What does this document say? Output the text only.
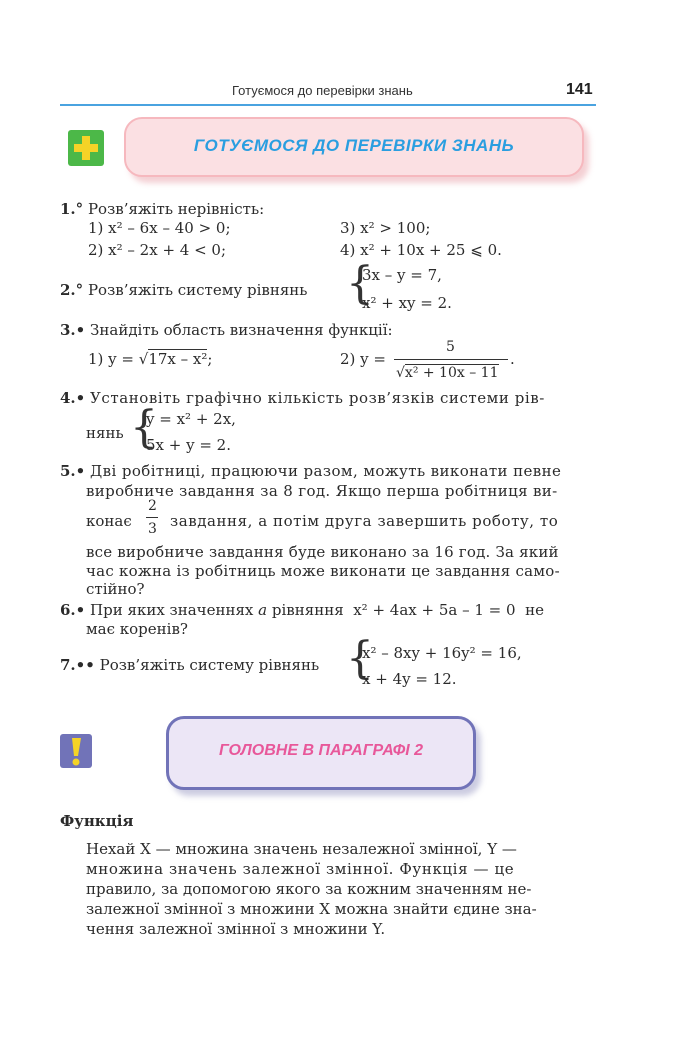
Готуємося до перевірки знань	141
ГОТУЄМОСЯ ДО ПЕРЕВІРКИ ЗНАНЬ
1.° Розв’яжіть нерівність:
1) x² – 6x – 40 > 0;	3) x² > 100;
2) x² – 2x + 4 < 0;	4) x² + 10x + 25 ⩽ 0.
2.° Розв’яжіть систему рівнянь {
3x – y = 7,
x² + xy = 2.
3.• Знайдіть область визначення функції:
1) y = √17x – x²;	2) y =
5
√x² + 10x – 11
.
4.• Установіть графічно кількість розв’язків системи рів-
нянь {
y = x² + 2x,
5x + y = 2.
5.• Дві робітниці, працюючи разом, можуть виконати певне
виробниче завдання за 8 год. Якщо перша робітниця ви-
конає
2
3 завдання, а потім друга завершить роботу, то
все виробниче завдання буде виконано за 16 год. За який
час кожна із робітниць може виконати це завдання само-
стійно?
6.• При яких значеннях a рівняння x² + 4ax + 5a – 1 = 0 не
має коренів?
7.•• Розв’яжіть систему рівнянь {
x² – 8xy + 16y² = 16,
x + 4y = 12.
ГОЛОВНЕ В ПАРАГРАФІ 2
Функція
Нехай X — множина значень незалежної змінної, Y —
множина значень залежної змінної. Функція — це
правило, за допомогою якого за кожним значенням не-
залежної змінної з множини X можна знайти єдине зна-
чення залежної змінної з множини Y.
